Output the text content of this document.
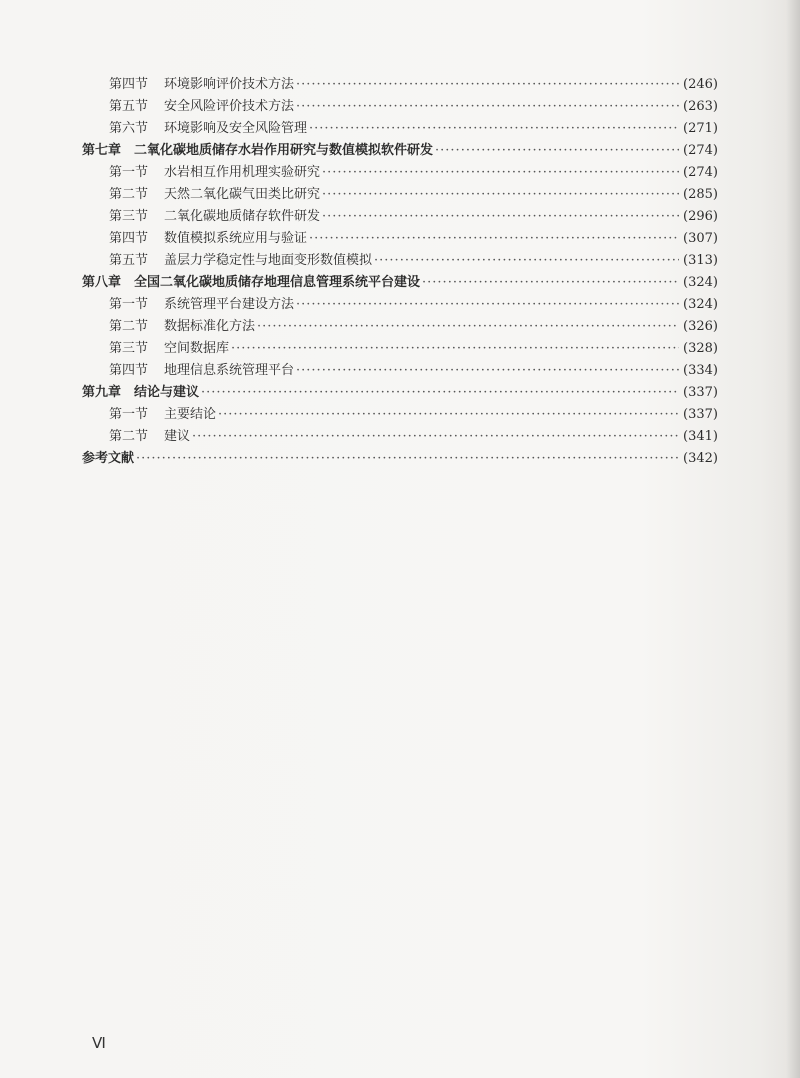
第四节 环境影响评价技术方法 ·····	(246)
第五节 安全风险评价技术方法 ·····	(263)
第六节 环境影响及安全风险管理 ·····	(271)
第七章 二氧化碳地质储存水岩作用研究与数值模拟软件研发 ·····	(274)
第一节 水岩相互作用机理实验研究 ·····	(274)
第二节 天然二氧化碳气田类比研究 ·····	(285)
第三节 二氧化碳地质储存软件研发 ·····	(296)
第四节 数值模拟系统应用与验证 ·····	(307)
第五节 盖层力学稳定性与地面变形数值模拟 ·····	(313)
第八章 全国二氧化碳地质储存地理信息管理系统平台建设 ·····	(324)
第一节 系统管理平台建设方法 ·····	(324)
第二节 数据标准化方法 ·····	(326)
第三节 空间数据库 ·····	(328)
第四节 地理信息系统管理平台 ·····	(334)
第九章 结论与建议 ·····	(337)
第一节 主要结论 ·····	(337)
第二节 建议 ·····	(341)
参考文献 ·····	(342)
Ⅵ
